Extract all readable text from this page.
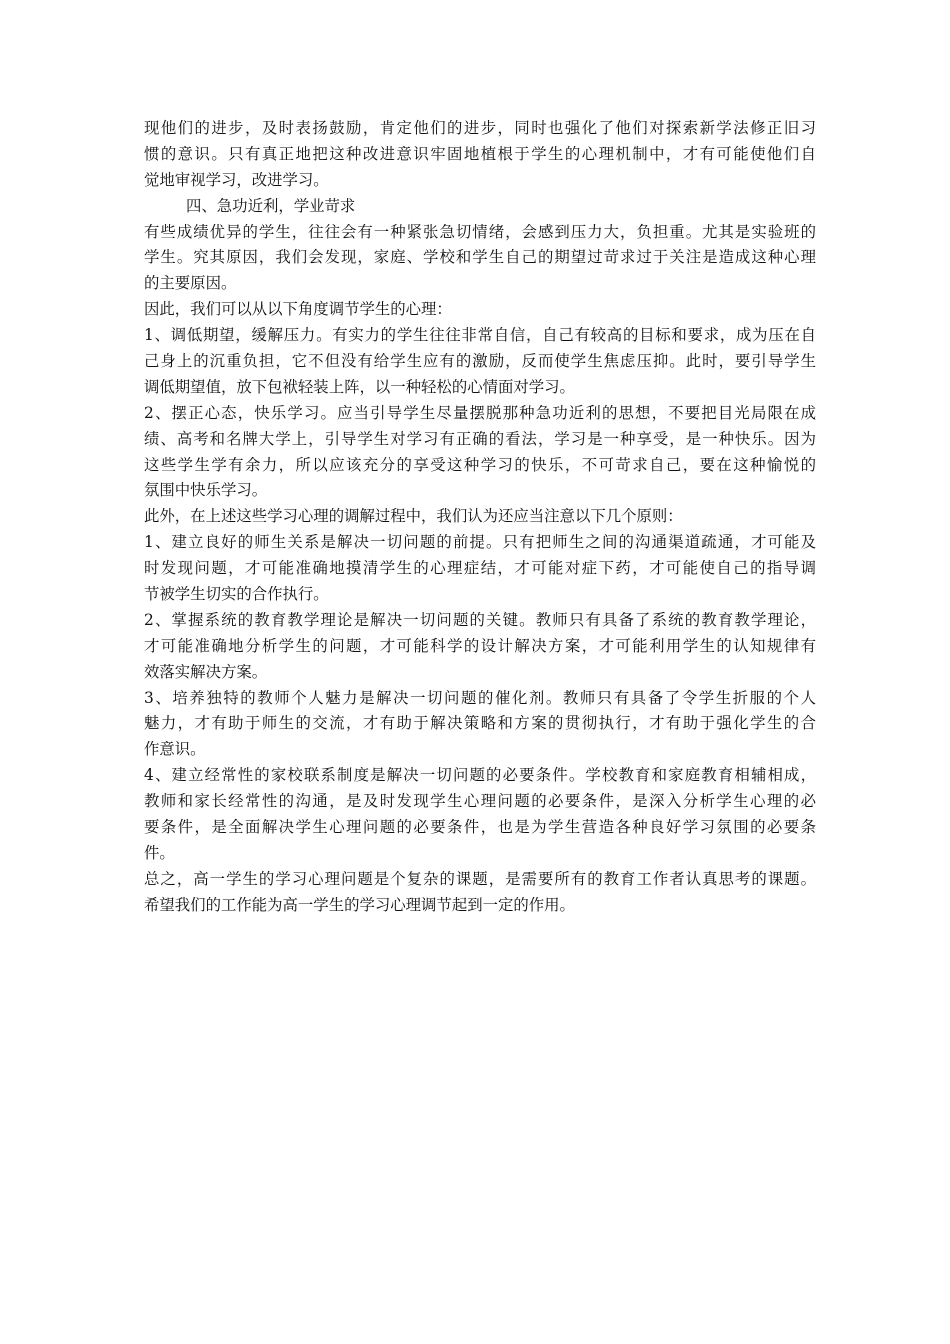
现他们的进步，及时表扬鼓励，肯定他们的进步，同时也强化了他们对探索新学法修正旧习
惯的意识。只有真正地把这种改进意识牢固地植根于学生的心理机制中，才有可能使他们自
觉地审视学习，改进学习。
四、急功近利，学业苛求
有些成绩优异的学生，往往会有一种紧张急切情绪，会感到压力大，负担重。尤其是实验班的
学生。究其原因，我们会发现，家庭、学校和学生自己的期望过苛求过于关注是造成这种心理
的主要原因。
因此，我们可以从以下角度调节学生的心理：
1、调低期望，缓解压力。有实力的学生往往非常自信，自己有较高的目标和要求，成为压在自
己身上的沉重负担，它不但没有给学生应有的激励，反而使学生焦虑压抑。此时，要引导学生
调低期望值，放下包袱轻装上阵，以一种轻松的心情面对学习。
2、摆正心态，快乐学习。应当引导学生尽量摆脱那种急功近利的思想，不要把目光局限在成
绩、高考和名牌大学上，引导学生对学习有正确的看法，学习是一种享受，是一种快乐。因为
这些学生学有余力，所以应该充分的享受这种学习的快乐，不可苛求自己，要在这种愉悦的
氛围中快乐学习。
此外，在上述这些学习心理的调解过程中，我们认为还应当注意以下几个原则：
1、建立良好的师生关系是解决一切问题的前提。只有把师生之间的沟通渠道疏通，才可能及
时发现问题，才可能准确地摸清学生的心理症结，才可能对症下药，才可能使自己的指导调
节被学生切实的合作执行。
2、掌握系统的教育教学理论是解决一切问题的关键。教师只有具备了系统的教育教学理论，
才可能准确地分析学生的问题，才可能科学的设计解决方案，才可能利用学生的认知规律有
效落实解决方案。
3、培养独特的教师个人魅力是解决一切问题的催化剂。教师只有具备了令学生折服的个人
魅力，才有助于师生的交流，才有助于解决策略和方案的贯彻执行，才有助于强化学生的合
作意识。
4、建立经常性的家校联系制度是解决一切问题的必要条件。学校教育和家庭教育相辅相成，
教师和家长经常性的沟通，是及时发现学生心理问题的必要条件，是深入分析学生心理的必
要条件，是全面解决学生心理问题的必要条件，也是为学生营造各种良好学习氛围的必要条
件。
总之，高一学生的学习心理问题是个复杂的课题，是需要所有的教育工作者认真思考的课题。
希望我们的工作能为高一学生的学习心理调节起到一定的作用。
